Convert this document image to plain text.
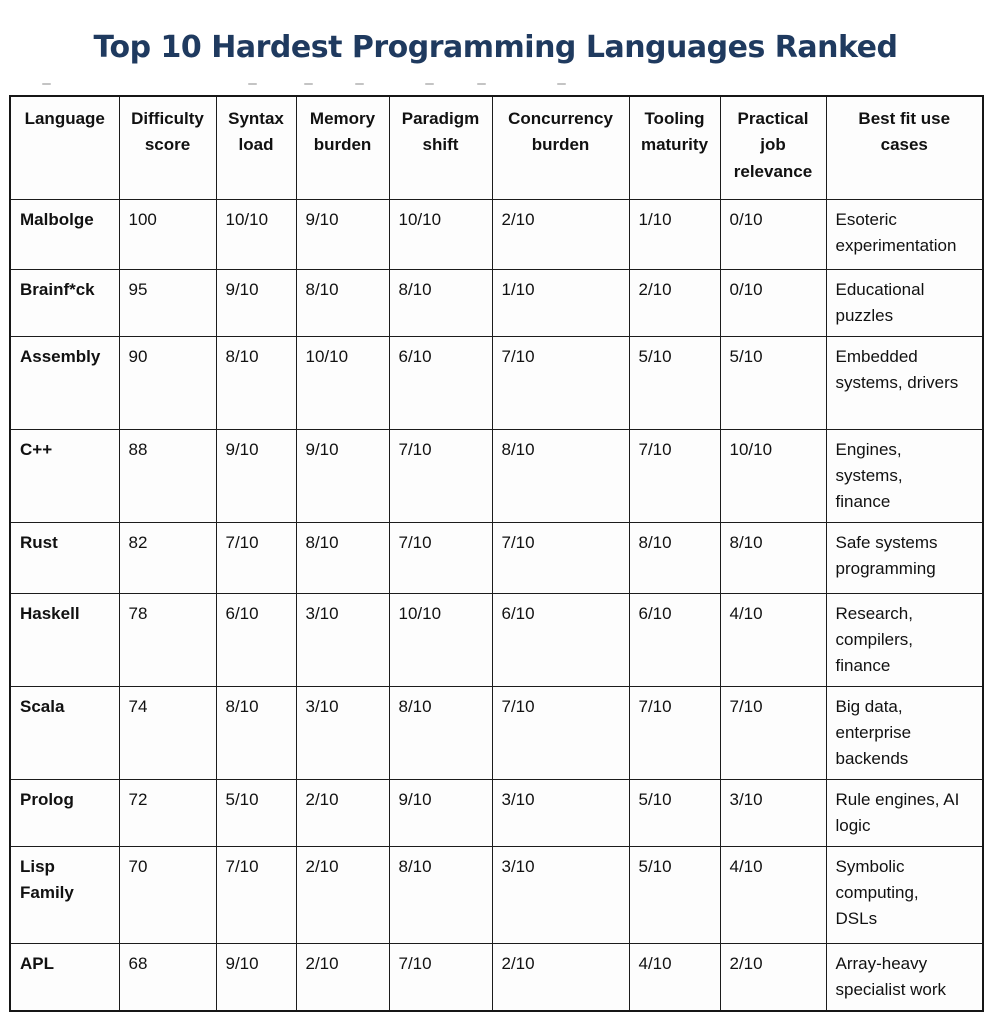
Top 10 Hardest Programming Languages Ranked
Language	Difficulty score	Syntax load	Memory burden	Paradigm shift	Concurrency burden	Tooling maturity	Practical job relevance	Best fit use cases
Malbolge	100	10/10	9/10	10/10	2/10	1/10	0/10	Esoteric experimentation
Brainf*ck	95	9/10	8/10	8/10	1/10	2/10	0/10	Educational puzzles
Assembly	90	8/10	10/10	6/10	7/10	5/10	5/10	Embedded systems, drivers
C++	88	9/10	9/10	7/10	8/10	7/10	10/10	Engines, systems, finance
Rust	82	7/10	8/10	7/10	7/10	8/10	8/10	Safe systems programming
Haskell	78	6/10	3/10	10/10	6/10	6/10	4/10	Research, compilers, finance
Scala	74	8/10	3/10	8/10	7/10	7/10	7/10	Big data, enterprise backends
Prolog	72	5/10	2/10	9/10	3/10	5/10	3/10	Rule engines, AI logic
Lisp Family	70	7/10	2/10	8/10	3/10	5/10	4/10	Symbolic computing, DSLs
APL	68	9/10	2/10	7/10	2/10	4/10	2/10	Array-heavy specialist work
